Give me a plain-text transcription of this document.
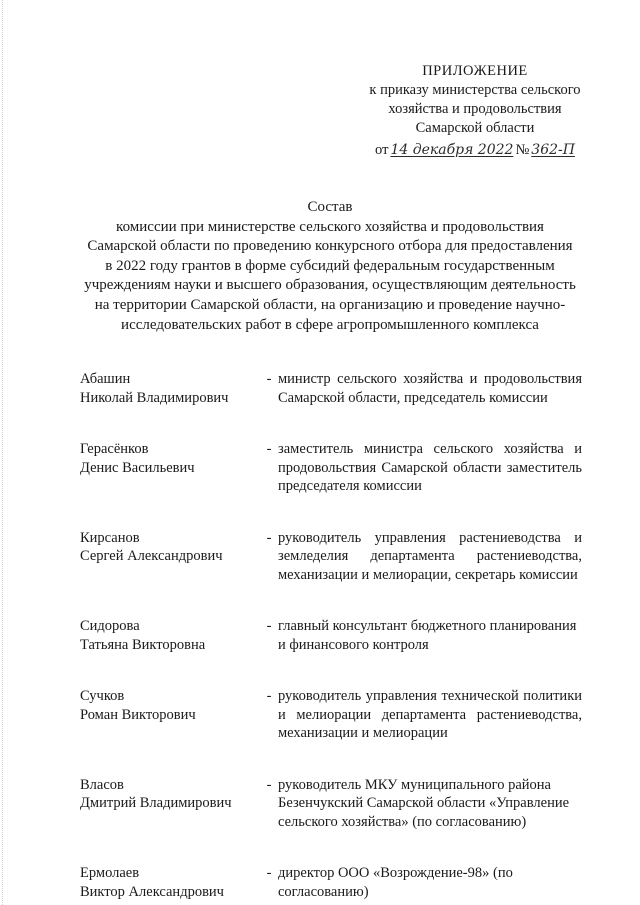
ПРИЛОЖЕНИЕ
к приказу министерства сельского
хозяйства и продовольствия
Самарской области
от 14 декабря 2022 № 362-П
Состав
комиссии при министерстве сельского хозяйства и продовольствия
Самарской области по проведению конкурсного отбора для предоставления
в 2022 году грантов в форме субсидий федеральным государственным
учреждениям науки и высшего образования, осуществляющим деятельность
на территории Самарской области, на организацию и проведение научно-
исследовательских работ в сфере агропромышленного комплекса
Абашин
Николай Владимирович
- министр сельского хозяйства и продовольствия Самарской области, председатель комиссии
Герасёнков
Денис Васильевич
- заместитель министра сельского хозяйства и продовольствия Самарской области заместитель председателя комиссии
Кирсанов
Сергей Александрович
- руководитель управления растениеводства и земледелия департамента растениеводства, механизации и мелиорации, секретарь комиссии
Сидорова
Татьяна Викторовна
- главный консультант бюджетного планирования и финансового контроля
Сучков
Роман Викторович
- руководитель управления технической политики и мелиорации департамента растениеводства, механизации и мелиорации
Власов
Дмитрий Владимирович
- руководитель МКУ муниципального района Безенчукский Самарской области «Управление сельского хозяйства» (по согласованию)
Ермолаев
Виктор Александрович
- директор ООО «Возрождение-98» (по согласованию)
